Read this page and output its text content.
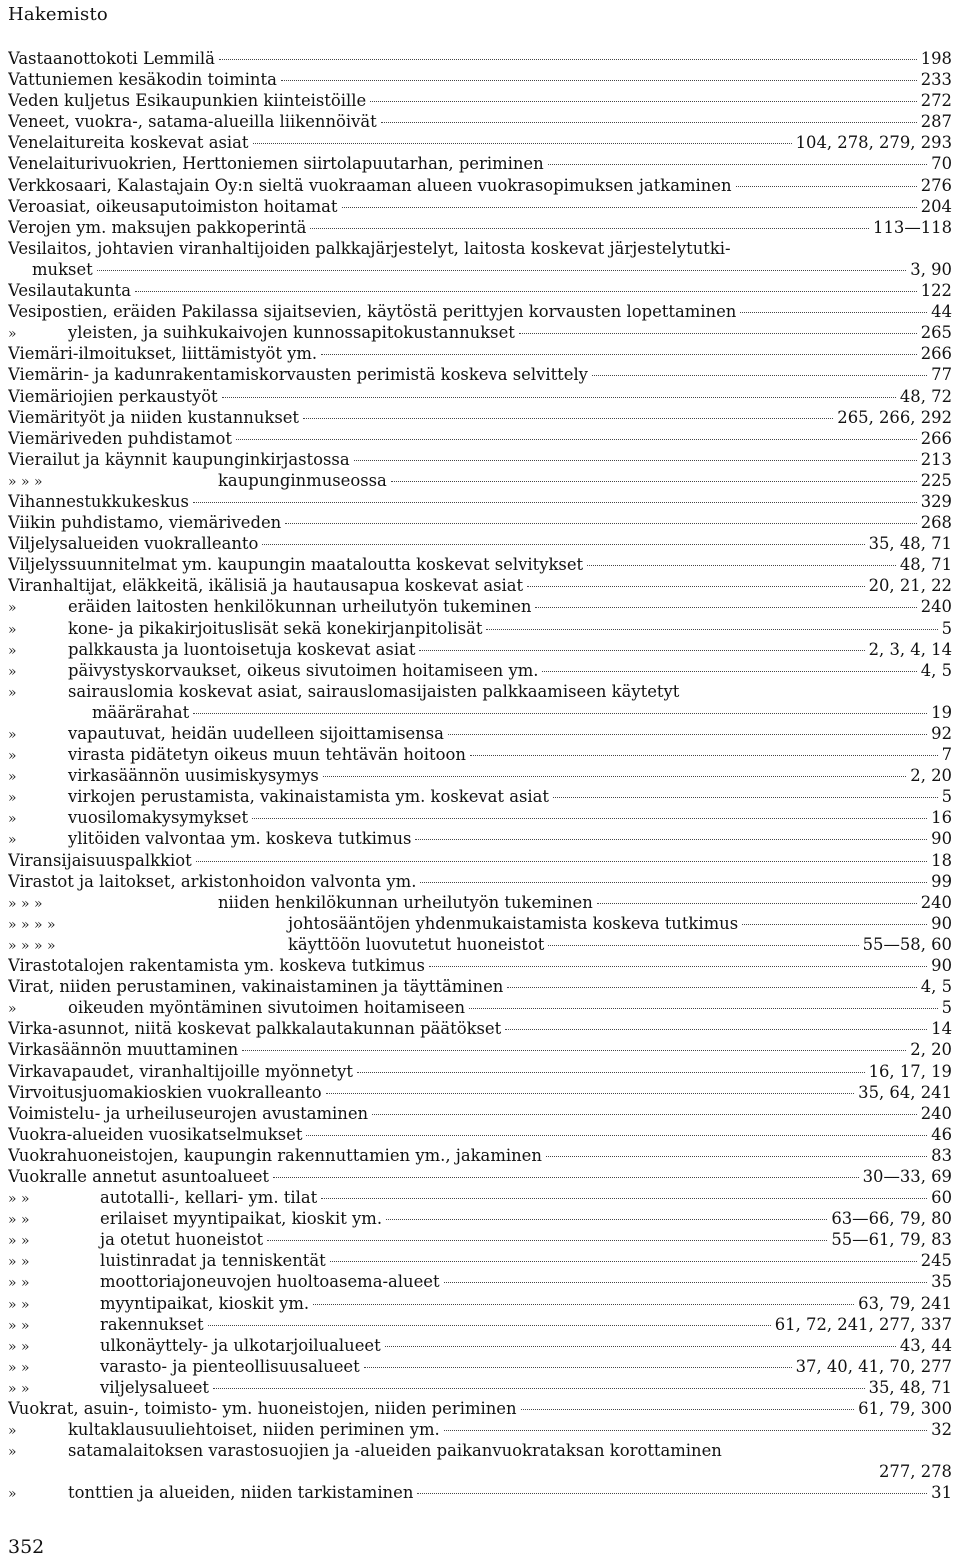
Hakemisto
Vastaanottokoti Lemmilä	198
Vattuniemen kesäkodin toiminta	233
Veden kuljetus Esikaupunkien kiinteistöille	272
Veneet, vuokra-, satama-alueilla liikennöivät	287
Venelaitureita koskevat asiat	104, 278, 279, 293
Venelaiturivuokrien, Herttoniemen siirtolapuutarhan, periminen	70
Verkkosaari, Kalastajain Oy:n sieltä vuokraaman alueen vuokrasopimuksen jatkaminen	276
Veroasiat, oikeusaputoimiston hoitamat	204
Verojen ym. maksujen pakkoperintä	113—118
Vesilaitos, johtavien viranhaltijoiden palkkajärjestelyt, laitosta koskevat järjestelytutki-
mukset	3, 90
Vesilautakunta	122
Vesipostien, eräiden Pakilassa sijaitsevien, käytöstä perittyjen korvausten lopettaminen	44
»	yleisten, ja suihkukaivojen kunnossapitokustannukset	265
Viemäri-ilmoitukset, liittämistyöt ym.	266
Viemärin- ja kadunrakentamiskorvausten perimistä koskeva selvittely	77
Viemäriojien perkaustyöt	48, 72
Viemärityöt ja niiden kustannukset	265, 266, 292
Viemäriveden puhdistamot	266
Vierailut ja käynnit kaupunginkirjastossa	213
» » »	kaupunginmuseossa	225
Vihannestukkukeskus	329
Viikin puhdistamo, viemäriveden	268
Viljelysalueiden vuokralleanto	35, 48, 71
Viljelyssuunnitelmat ym. kaupungin maataloutta koskevat selvitykset	48, 71
Viranhaltijat, eläkkeitä, ikälisiä ja hautausapua koskevat asiat	20, 21, 22
»	eräiden laitosten henkilökunnan urheilutyön tukeminen	240
»	kone- ja pikakirjoituslisät sekä konekirjanpitolisät	5
»	palkkausta ja luontoisetuja koskevat asiat	2, 3, 4, 14
»	päivystyskorvaukset, oikeus sivutoimen hoitamiseen ym.	4, 5
»	sairauslomia koskevat asiat, sairauslomasijaisten palkkaamiseen käytetyt
määrärahat	19
»	vapautuvat, heidän uudelleen sijoittamisensa	92
»	virasta pidätetyn oikeus muun tehtävän hoitoon	7
»	virkasäännön uusimiskysymys	2, 20
»	virkojen perustamista, vakinaistamista ym. koskevat asiat	5
»	vuosilomakysymykset	16
»	ylitöiden valvontaa ym. koskeva tutkimus	90
Viransijaisuuspalkkiot	18
Virastot ja laitokset, arkistonhoidon valvonta ym.	99
» » »	niiden henkilökunnan urheilutyön tukeminen	240
» » » »	johtosääntöjen yhdenmukaistamista koskeva tutkimus	90
» » » »	käyttöön luovutetut huoneistot	55—58, 60
Virastotalojen rakentamista ym. koskeva tutkimus	90
Virat, niiden perustaminen, vakinaistaminen ja täyttäminen	4, 5
»	oikeuden myöntäminen sivutoimen hoitamiseen	5
Virka-asunnot, niitä koskevat palkkalautakunnan päätökset	14
Virkasäännön muuttaminen	2, 20
Virkavapaudet, viranhaltijoille myönnetyt	16, 17, 19
Virvoitusjuomakioskien vuokralleanto	35, 64, 241
Voimistelu- ja urheiluseurojen avustaminen	240
Vuokra-alueiden vuosikatselmukset	46
Vuokrahuoneistojen, kaupungin rakennuttamien ym., jakaminen	83
Vuokralle annetut asuntoalueet	30—33, 69
» »	autotalli-, kellari- ym. tilat	60
» »	erilaiset myyntipaikat, kioskit ym.	63—66, 79, 80
» »	ja otetut huoneistot	55—61, 79, 83
» »	luistinradat ja tenniskentät	245
» »	moottoriajoneuvojen huoltoasema-alueet	35
» »	myyntipaikat, kioskit ym.	63, 79, 241
» »	rakennukset	61, 72, 241, 277, 337
» »	ulkonäyttely- ja ulkotarjoilualueet	43, 44
» »	varasto- ja pienteollisuusalueet	37, 40, 41, 70, 277
» »	viljelysalueet	35, 48, 71
Vuokrat, asuin-, toimisto- ym. huoneistojen, niiden periminen	61, 79, 300
»	kultaklausuuliehtoiset, niiden periminen ym.	32
»	satamalaitoksen varastosuojien ja -alueiden paikanvuokrataksan korottaminen
277, 278
»	tonttien ja alueiden, niiden tarkistaminen	31
352
